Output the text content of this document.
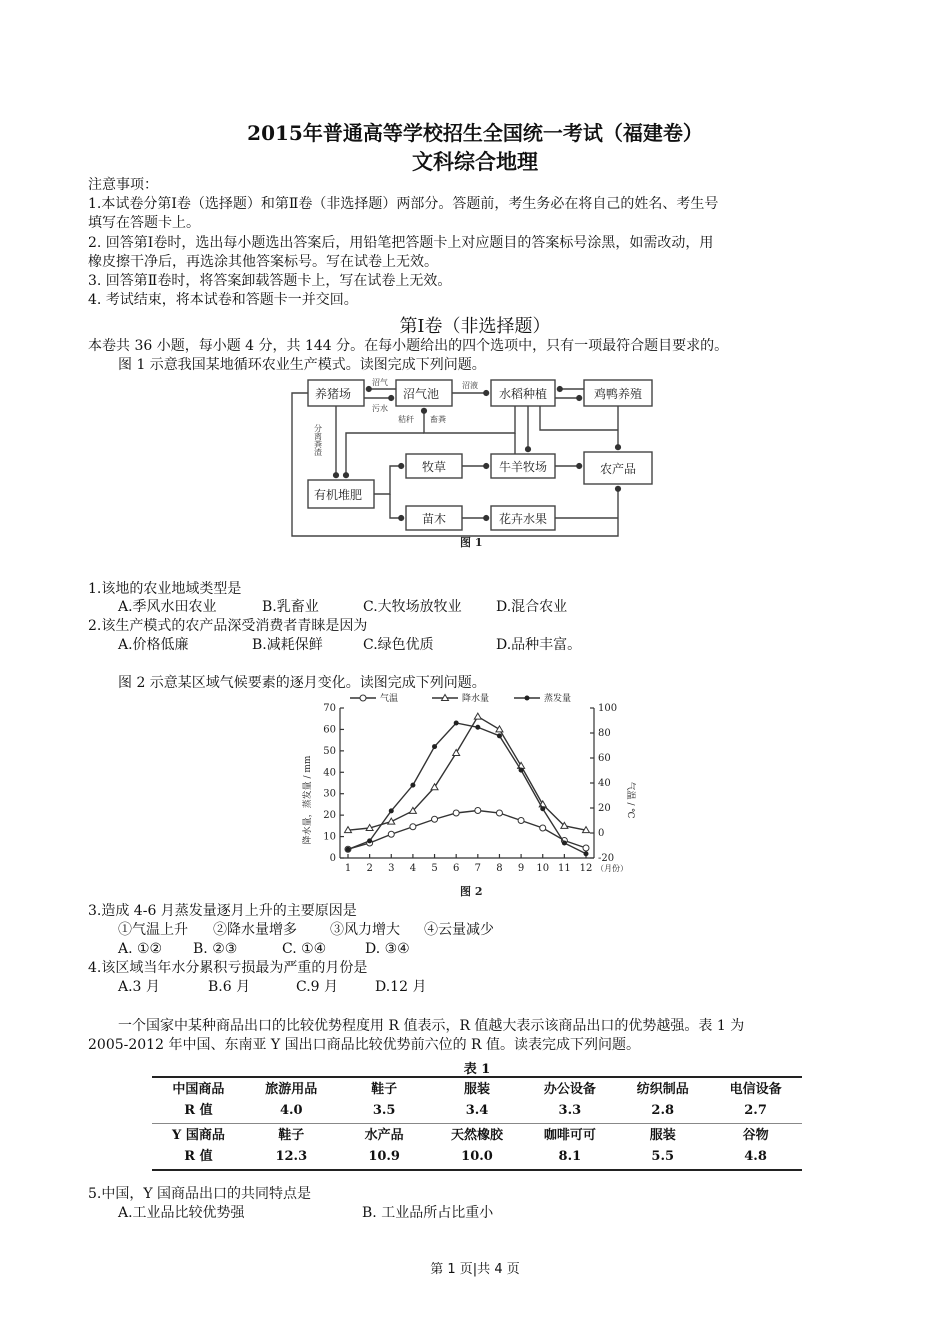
2015年普通高等学校招生全国统一考试（福建卷）
文科综合地理
注意事项：
1.本试卷分第Ⅰ卷（选择题）和第Ⅱ卷（非选择题）两部分。答题前，考生务必在将自己的姓名、考生号
填写在答题卡上。
2. 回答第Ⅰ卷时，选出每小题选出答案后，用铅笔把答题卡上对应题目的答案标号涂黑，如需改动，用
橡皮擦干净后，再选涂其他答案标号。写在试卷上无效。
3. 回答第Ⅱ卷时，将答案卸载答题卡上，写在试卷上无效。
4. 考试结束，将本试卷和答题卡一并交回。
第Ⅰ卷（非选择题）
本卷共 36 小题，每小题 4 分，共 144 分。在每小题给出的四个选项中，只有一项最符合题目要求的。
图 1 示意我国某地循环农业生产模式。读图完成下列问题。
养猪场	沼气池	水稻种植	鸡鸭养殖
有机堆肥
牧草	牛羊牧场	农产品
苗木	花卉水果
沼气
污水
沼液
秸秆 畜粪
分离粪渣
图 1
1.该地的农业地域类型是
A.季风水田农业	B.乳畜业	C.大牧场放牧业 D.混合农业
2.该生产模式的农产品深受消费者青睐是因为
A.价格低廉	B.减耗保鲜	C.绿色优质	D.品种丰富。
图 2 示意某区域气候要素的逐月变化。读图完成下列问题。
气温	降水量	蒸发量
0
10
20
30
40
50
60
70
-20
0
20
40
60
80
100
1 2 3 4 5 6 7 8 9 10 11 12 （月份）
降水量，蒸发量 / mm	气温 / ℃
图 2
3.造成 4-6 月蒸发量逐月上升的主要原因是
①气温上升 ②降水量增多 ③风力增大 ④云量减少
A. ①② B. ②③	C. ①④	D. ③④
4.该区域当年水分累积亏损最为严重的月份是
A.3 月	B.6 月	C.9 月	D.12 月
一个国家中某种商品出口的比较优势程度用 R 值表示，R 值越大表示该商品出口的优势越强。表 1 为
2005-2012 年中国、东南亚 Y 国出口商品比较优势前六位的 R 值。读表完成下列问题。
表 1
中国商品	旅游用品	鞋子	服装	办公设备	纺织制品	电信设备
R 值	4.0	3.5	3.4	3.3	2.8	2.7
Y 国商品	鞋子	水产品	天然橡胶	咖啡可可	服装	谷物
R 值	12.3	10.9	10.0	8.1	5.5	4.8
5.中国，Y 国商品出口的共同特点是
A.工业品比较优势强	B. 工业品所占比重小
第 1 页|共 4 页
